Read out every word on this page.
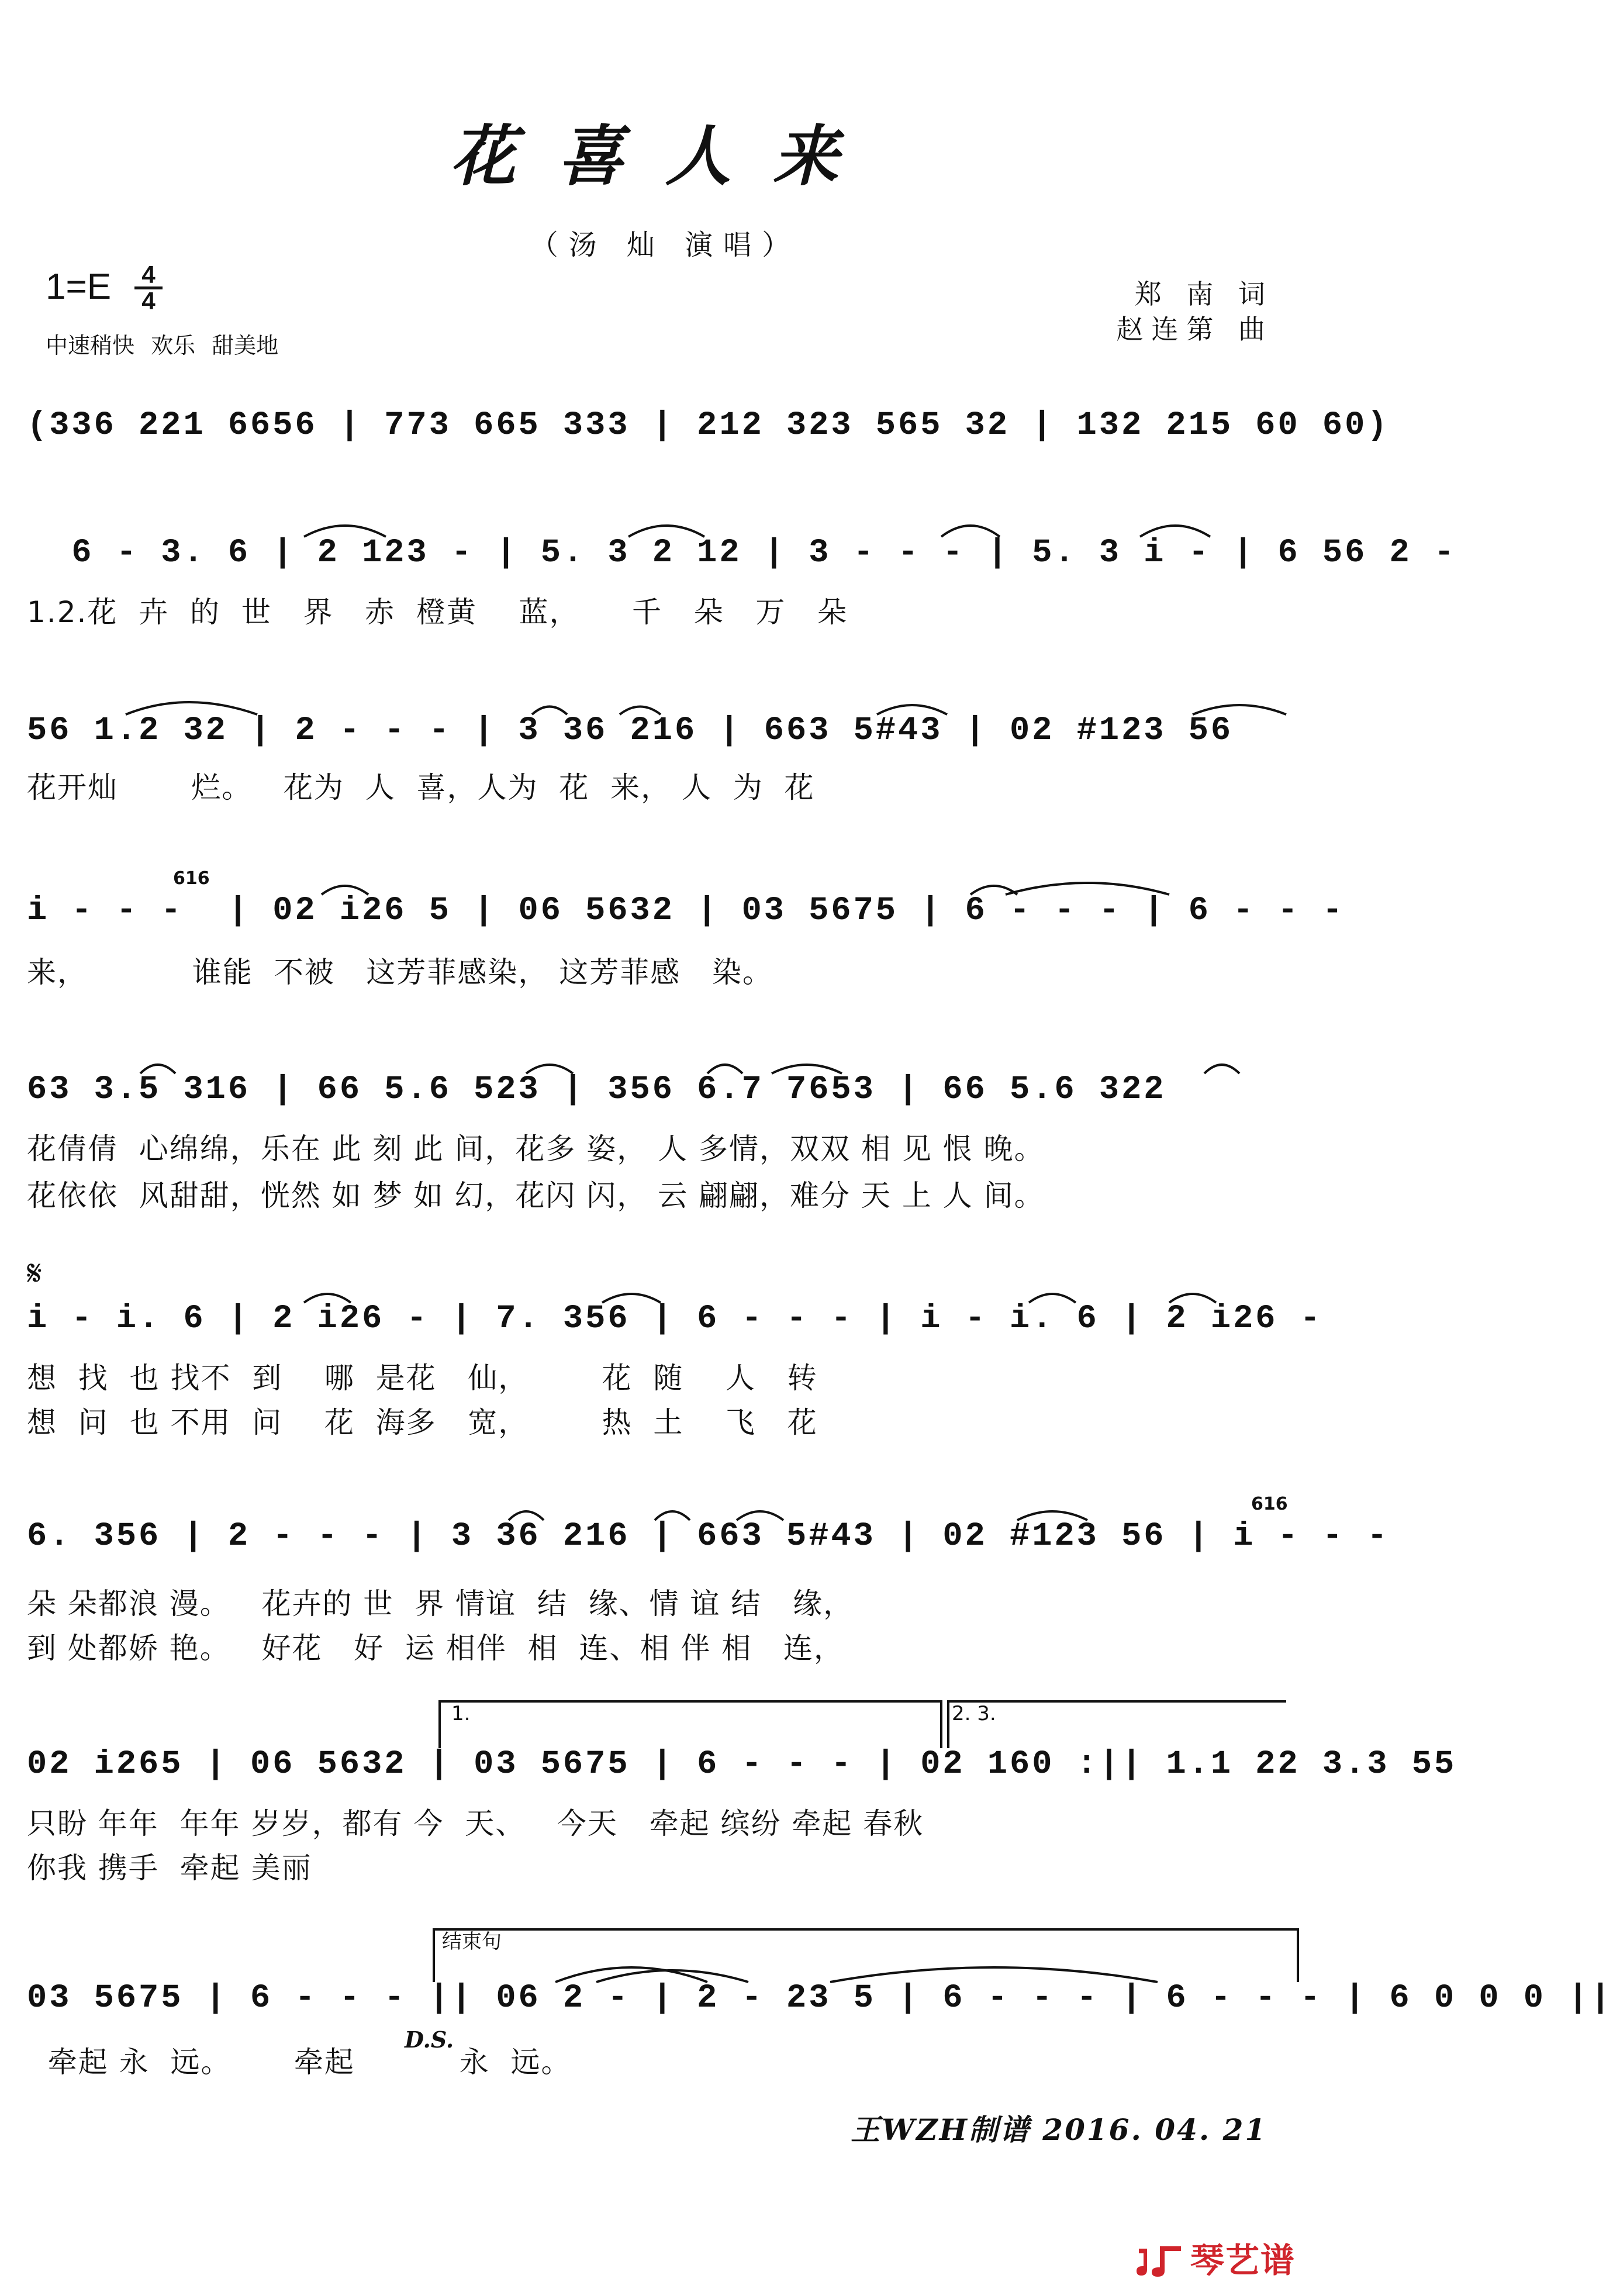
花喜人来
（汤 灿 演唱）
$1=E \frac{4}{4}$
中速稍快 欢乐 甜美地
郑 南 词
赵连第 曲
(336 221 6656 | 773 665 333 | 212 323 565 32 | 132 215 60 60)
6 - 3. 6 | 2 123 - | 5. 3 2 12 | 3 - - - | 5. 3 i - | 6 56 2 -
1.2.花  卉  的  世   界   赤  橙黄    蓝，     千   朵   万   朵
56 1.2 32 | 2 - - - | 3 36 216 | 663 5#43 | 02 #123 56
花开灿       烂。   花为  人  喜，人为  花  来， 人  为  花
i - - -  | 02 i26 5 | 06 5632 | 03 5675 | 6 - - - | 6 - - -
616
来，          谁能  不被   这芳菲感染， 这芳菲感   染。
63 3.5 316 | 66 5.6 523 | 356 6.7 7653 | 66 5.6 322
花倩倩  心绵绵，乐在 此 刻 此 间，花多 姿， 人 多情，双双 相 见 恨 晚。
花依依  风甜甜，恍然 如 梦 如 幻，花闪 闪， 云 翩翩，难分 天 上 人 间。
𝄋
i - i. 6 | 2 i26 - | 7. 356 | 6 - - - | i - i. 6 | 2 i26 -
想  找  也 找不  到    哪  是花   仙，       花  随    人   转
想  问  也 不用  问    花  海多   宽，       热  土    飞   花
6. 356 | 2 - - - | 3 36 216 | 663 5#43 | 02 #123 56 | i - - -
616
朵 朵都浪 漫。   花卉的 世  界 情谊  结  缘、情 谊 结   缘，
到 处都娇 艳。   好花   好  运 相伴  相  连、相 伴 相   连，
1.	2. 3.
02 i265 | 06 5632 | 03 5675 | 6 - - - | 02 160 :|| 1.1 22 3.3 55
只盼 年年  年年 岁岁，都有 今  天、   今天   牵起 缤纷 牵起 春秋
你我 携手  牵起 美丽
结束句
03 5675 | 6 - - - || 06 2 - | 2 - 23 5 | 6 - - - | 6 - - - | 6 0 0 0 ||
D.S.
牵起 永  远。      牵起          永  远。
王WZH制谱 2016. 04. 21
琴艺谱
